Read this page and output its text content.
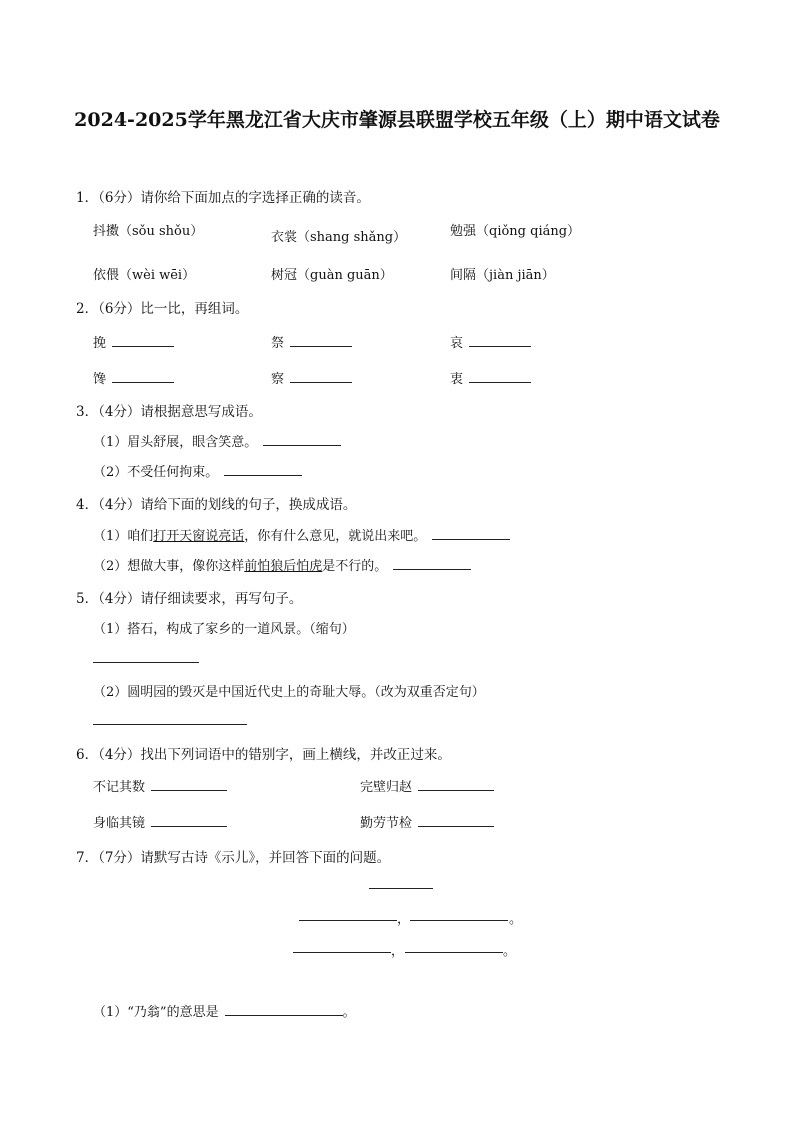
2024-2025学年黑龙江省大庆市肇源县联盟学校五年级（上）期中语文试卷
1．（6分）请你给下面加点的字选择正确的读音。
抖擞（sǒu shǒu）	衣裳（shang shǎng）	勉强（qiǒng qiáng）
依偎（wèi wēi）	树冠（guàn guān）	间隔（jiàn jiān）
2．（6分）比一比，再组词。
挽	祭	哀
馋	察	衷
3．（4分）请根据意思写成语。
（1）眉头舒展，眼含笑意。
（2）不受任何拘束。
4．（4分）请给下面的划线的句子，换成成语。
（1）咱们打开天窗说亮话，你有什么意见，就说出来吧。
（2）想做大事，像你这样前怕狼后怕虎是不行的。
5．（4分）请仔细读要求，再写句子。
（1）搭石，构成了家乡的一道风景。（缩句）
（2）圆明园的毁灭是中国近代史上的奇耻大辱。（改为双重否定句）
6．（4分）找出下列词语中的错别字，画上横线，并改正过来。
不记其数	完壁归赵
身临其镜	勤劳节检
7．（7分）请默写古诗《示儿》，并回答下面的问题。
，	。
，	。
（1）“乃翁”的意思是	。
